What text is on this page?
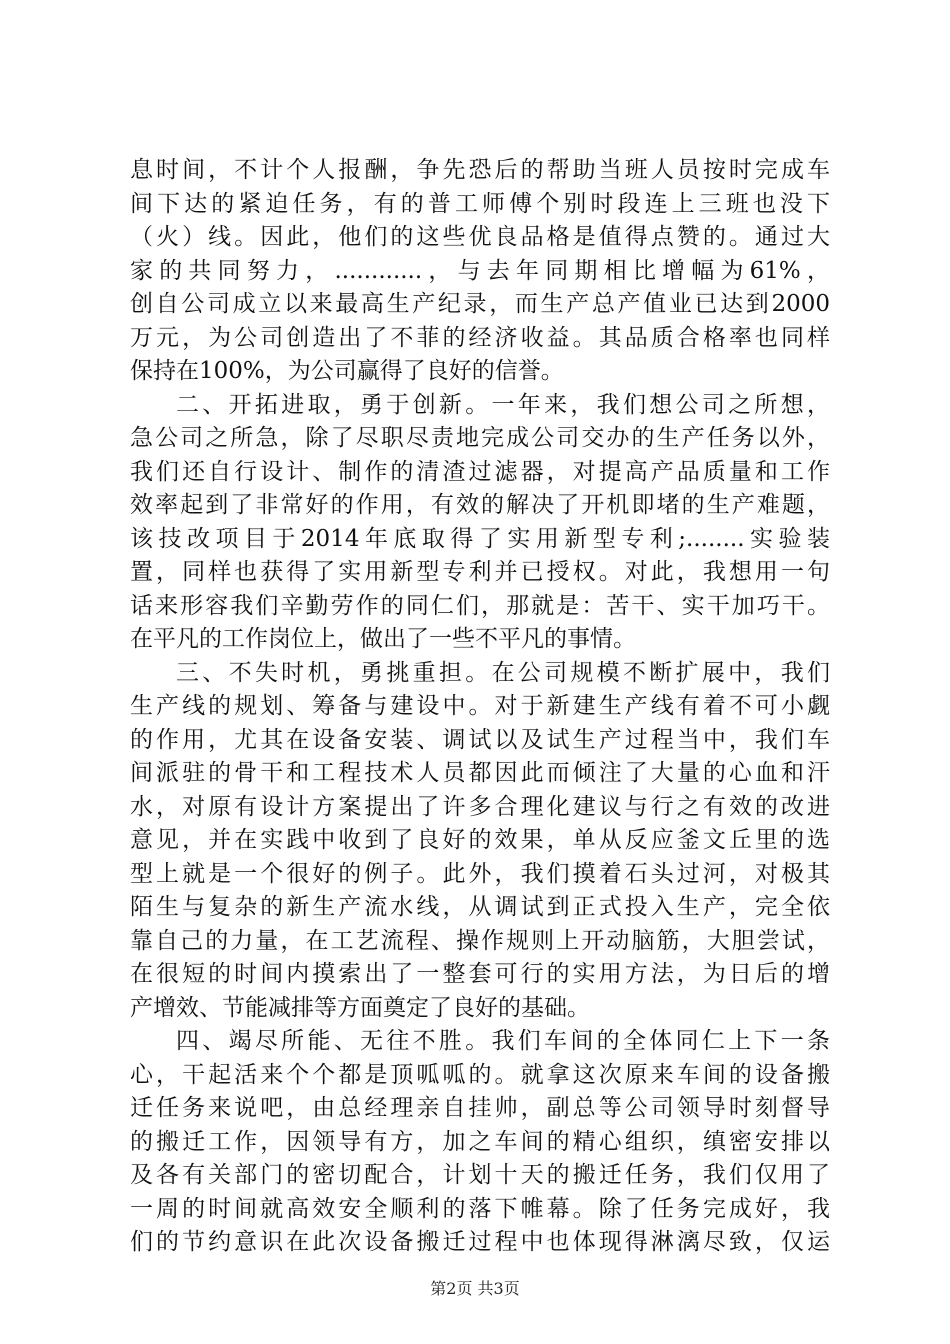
息时间，不计个人报酬，争先恐后的帮助当班人员按时完成车
间下达的紧迫任务，有的普工师傅个别时段连上三班也没下
（火）线。因此，他们的这些优良品格是值得点赞的。通过大
家的共同努力，............，与去年同期相比增幅为61%，
创自公司成立以来最高生产纪录，而生产总产值业已达到2000
万元，为公司创造出了不菲的经济收益。其品质合格率也同样
保持在100%，为公司赢得了良好的信誉。
二、开拓进取，勇于创新。一年来，我们想公司之所想，
急公司之所急，除了尽职尽责地完成公司交办的生产任务以外，
我们还自行设计、制作的清渣过滤器，对提高产品质量和工作
效率起到了非常好的作用，有效的解决了开机即堵的生产难题，
该技改项目于2014年底取得了实用新型专利;........实验装
置，同样也获得了实用新型专利并已授权。对此，我想用一句
话来形容我们辛勤劳作的同仁们，那就是：苦干、实干加巧干。
在平凡的工作岗位上，做出了一些不平凡的事情。
三、不失时机，勇挑重担。在公司规模不断扩展中，我们
生产线的规划、筹备与建设中。对于新建生产线有着不可小觑
的作用，尤其在设备安装、调试以及试生产过程当中，我们车
间派驻的骨干和工程技术人员都因此而倾注了大量的心血和汗
水，对原有设计方案提出了许多合理化建议与行之有效的改进
意见，并在实践中收到了良好的效果，单从反应釜文丘里的选
型上就是一个很好的例子。此外，我们摸着石头过河，对极其
陌生与复杂的新生产流水线，从调试到正式投入生产，完全依
靠自己的力量，在工艺流程、操作规则上开动脑筋，大胆尝试，
在很短的时间内摸索出了一整套可行的实用方法，为日后的增
产增效、节能减排等方面奠定了良好的基础。
四、竭尽所能、无往不胜。我们车间的全体同仁上下一条
心，干起活来个个都是顶呱呱的。就拿这次原来车间的设备搬
迁任务来说吧，由总经理亲自挂帅，副总等公司领导时刻督导
的搬迁工作，因领导有方，加之车间的精心组织，缜密安排以
及各有关部门的密切配合，计划十天的搬迁任务，我们仅用了
一周的时间就高效安全顺利的落下帷幕。除了任务完成好，我
们的节约意识在此次设备搬迁过程中也体现得淋漓尽致，仅运
第2页 共3页
